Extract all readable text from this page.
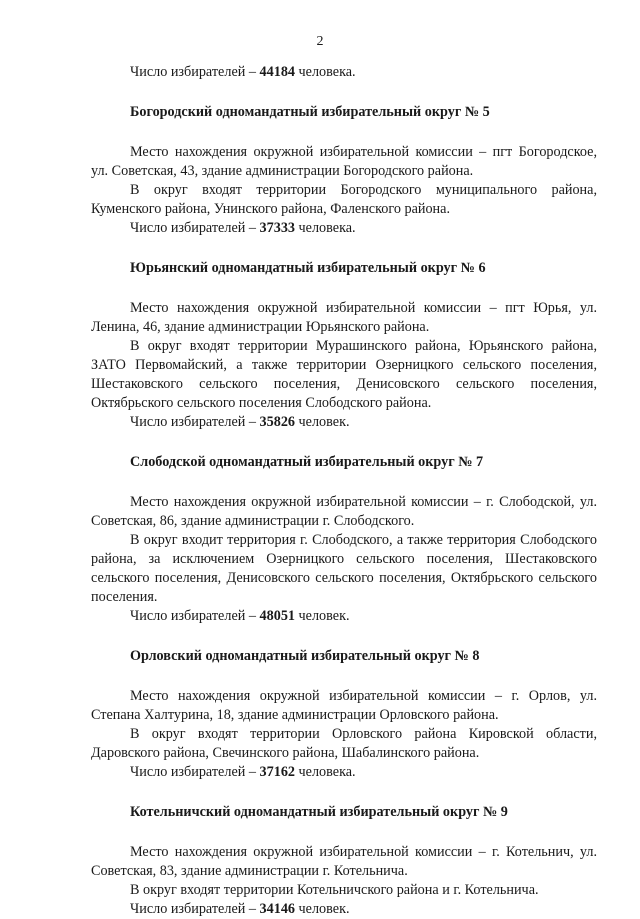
2

Число избирателей – 44184 человека.

Богородский одномандатный избирательный округ № 5

Место нахождения окружной избирательной комиссии – пгт Богородское, ул. Советская, 43, здание администрации Богородского района.

В округ входят территории Богородского муниципального района, Куменского района, Унинского района, Фаленского района.

Число избирателей – 37333 человека.

Юрьянский одномандатный избирательный округ № 6

Место нахождения окружной избирательной комиссии – пгт Юрья, ул. Ленина, 46, здание администрации Юрьянского района.

В округ входят территории Мурашинского района, Юрьянского района, ЗАТО Первомайский, а также территории Озерницкого сельского поселения, Шестаковского сельского поселения, Денисовского сельского поселения, Октябрьского сельского поселения Слободского района.

Число избирателей – 35826 человек.

Слободской одномандатный избирательный округ № 7

Место нахождения окружной избирательной комиссии – г. Слободской, ул. Советская, 86, здание администрации г. Слободского.

В округ входит территория г. Слободского, а также территория Слободского района, за исключением Озерницкого сельского поселения, Шестаковского сельского поселения, Денисовского сельского поселения, Октябрьского сельского поселения.

Число избирателей – 48051 человек.

Орловский одномандатный избирательный округ № 8

Место нахождения окружной избирательной комиссии – г. Орлов, ул. Степана Халтурина, 18, здание администрации Орловского района.

В округ входят территории Орловского района Кировской области, Даровского района, Свечинского района, Шабалинского района.

Число избирателей – 37162 человека.

Котельничский одномандатный избирательный округ № 9

Место нахождения окружной избирательной комиссии – г. Котельнич, ул. Советская, 83, здание администрации г. Котельнича.

В округ входят территории Котельничского района и г. Котельнича.

Число избирателей – 34146 человек.
